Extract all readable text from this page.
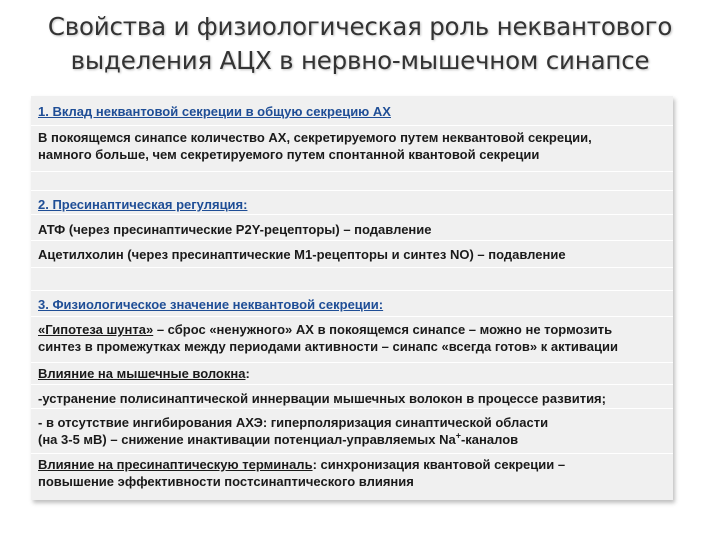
Свойства и физиологическая роль неквантового
выделения АЦХ в нервно-мышечном синапсе
1. Вклад неквантовой секреции в общую секрецию АХ
В покоящемся синапсе количество АХ, секретируемого путем неквантовой секреции,
намного больше, чем секретируемого путем спонтанной квантовой секреции
2. Пресинаптическая регуляция:
АТФ (через пресинаптические Р2Y-рецепторы) – подавление
Ацетилхолин (через пресинаптические М1-рецепторы и синтез NO) – подавление
3. Физиологическое значение неквантовой секреции:
«Гипотеза шунта» – сброс «ненужного» АХ в покоящемся синапсе – можно не тормозить
синтез в промежутках между периодами активности – синапс «всегда готов» к активации
Влияние на мышечные волокна:
-устранение полисинаптической иннервации мышечных волокон в процессе развития;
- в отсутствие ингибирования АХЭ: гиперполяризация синаптической области
(на 3-5 мВ) – снижение инактивации потенциал-управляемых Na+-каналов
Влияние на пресинаптическую терминаль: синхронизация квантовой секреции –
повышение эффективности постсинаптического влияния
